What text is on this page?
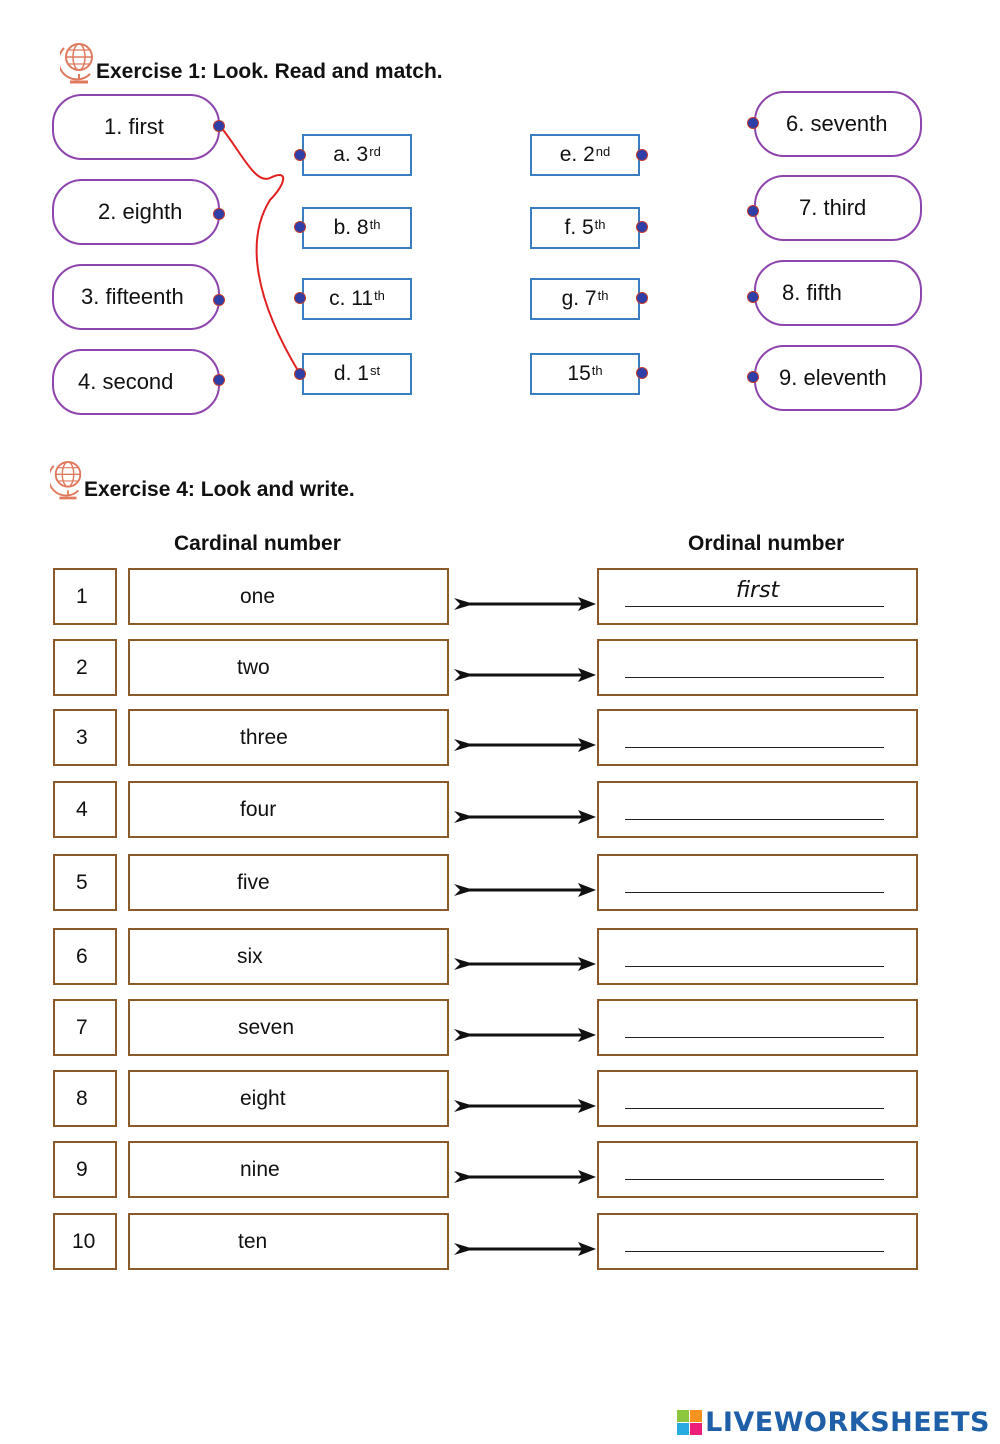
Exercise 1: Look. Read and match.
1. first
2. eighth
3. fifteenth
4. second
a. 3rd
b. 8th
c. 11th
d. 1st
e. 2nd
f. 5th
g. 7th
15th
6. seventh
7. third
8. fifth
9. eleventh
Exercise 4: Look and write.
Cardinal number	Ordinal number
1	one	first
2	two
3	three
4	four
5	five
6	six
7	seven
8	eight
9	nine
10	ten
LIVEWORKSHEETS
